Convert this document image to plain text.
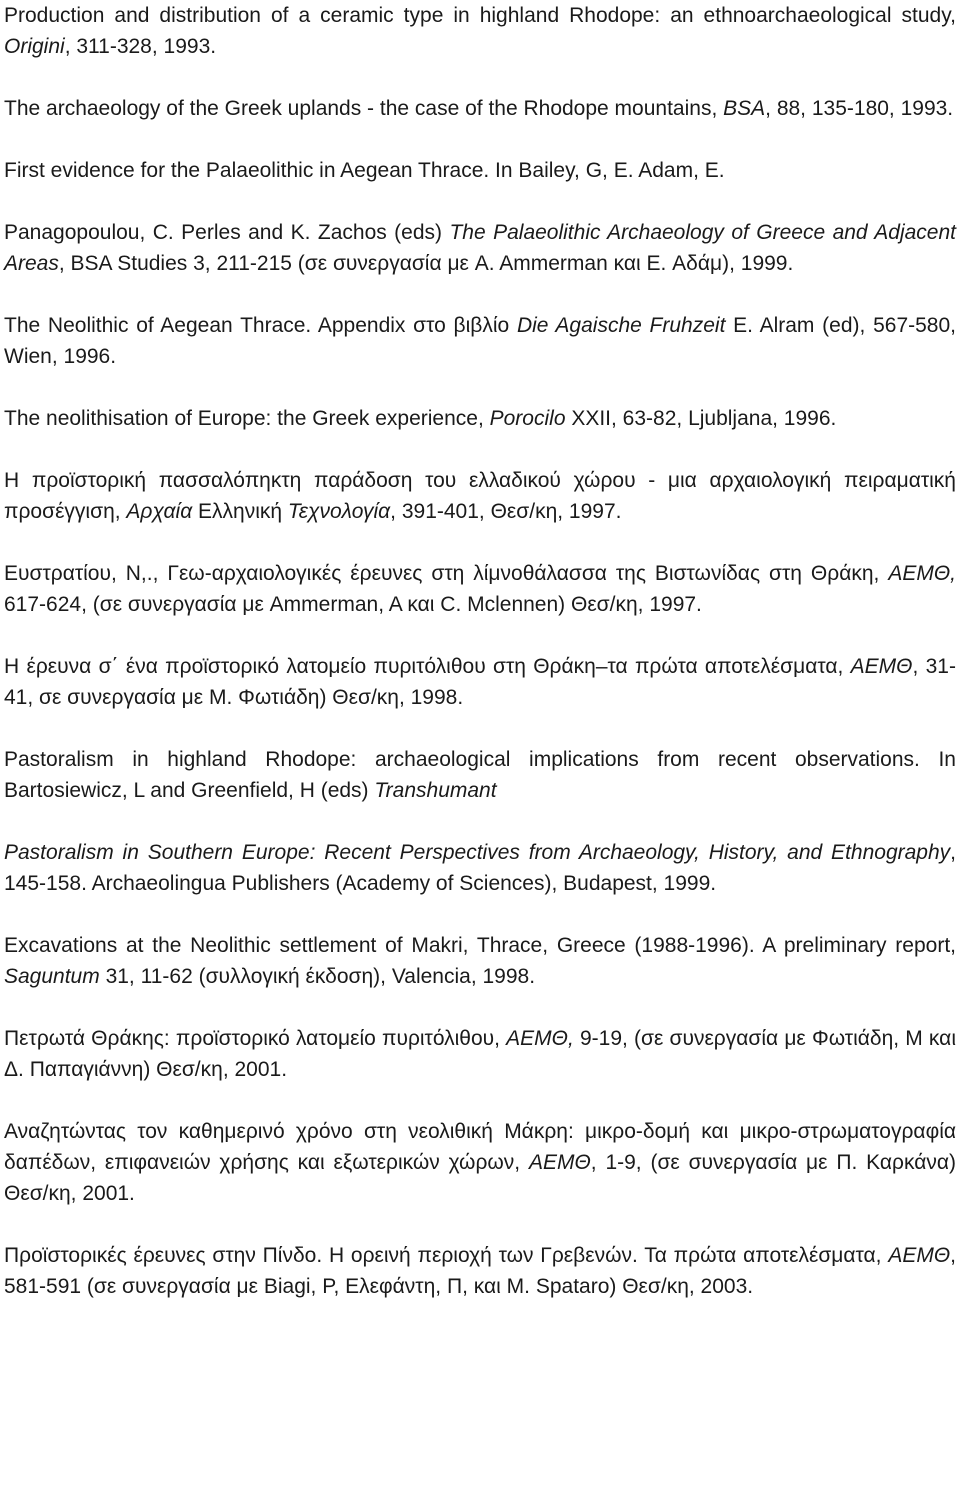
Production and distribution of a ceramic type in highland Rhodope: an ethnoarchaeological study, Origini, 311-328, 1993.

The archaeology of the Greek uplands - the case of the Rhodope mountains, BSA, 88, 135-180, 1993.

First evidence for the Palaeolithic in Aegean Thrace. In Bailey, G, E. Adam, E.

Panagopoulou, C. Perles and K. Zachos (eds) The Palaeolithic Archaeology of Greece and Adjacent Areas, BSA Studies 3, 211-215 (σε συνεργασία με A. Ammerman και E. Αδάμ), 1999.

The Neolithic of Aegean Thrace. Appendix στο βιβλίο Die Agaische Fruhzeit E. Alram (ed), 567-580, Wien, 1996.

The neolithisation of Europe: the Greek experience, Porocilo XXII, 63-82, Ljubljana, 1996.

Η προϊστορική πασσαλόπηκτη παράδοση του ελλαδικού χώρου - μια αρχαιολογική πειραματική προσέγγιση, Αρχαία Ελληνική Τεχνολογία, 391-401, Θεσ/κη, 1997.

Ευστρατίου, Ν,., Γεω-αρχαιολογικές έρευνες στη λίμνοθάλασσα της Βιστωνίδας στη Θράκη, ΑΕΜΘ, 617-624, (σε συνεργασία με Ammerman, A και C. Mclennen) Θεσ/κη, 1997.

Η έρευνα σ΄ ένα προϊστορικό λατομείο πυριτόλιθου στη Θράκη–τα πρώτα αποτελέσματα, ΑΕΜΘ, 31-41, σε συνεργασία με Μ. Φωτιάδη) Θεσ/κη, 1998.

Pastoralism in highland Rhodope: archaeological implications from recent observations. In Bartosiewicz, L and Greenfield, H (eds) Transhumant

Pastoralism in Southern Europe: Recent Perspectives from Archaeology, History, and Ethnography, 145-158. Archaeolingua Publishers (Academy of Sciences), Budapest, 1999.

Excavations at the Neolithic settlement of Makri, Thrace, Greece (1988-1996). A preliminary report, Saguntum 31, 11-62 (συλλογική έκδοση), Valencia, 1998.

Πετρωτά Θράκης: προϊστορικό λατομείο πυριτόλιθου, ΑΕΜΘ, 9-19, (σε συνεργασία με Φωτιάδη, Μ και Δ. Παπαγιάννη) Θεσ/κη, 2001.

Αναζητώντας τον καθημερινό χρόνο στη νεολιθική Μάκρη: μικρο-δομή και μικρο-στρωματογραφία δαπέδων, επιφανειών χρήσης και εξωτερικών χώρων, ΑΕΜΘ, 1-9, (σε συνεργασία με Π. Καρκάνα) Θεσ/κη, 2001.

Προϊστορικές έρευνες στην Πίνδο. Η ορεινή περιοχή των Γρεβενών. Τα πρώτα αποτελέσματα, ΑΕΜΘ, 581-591 (σε συνεργασία με Biagi, P, Ελεφάντη, Π, και Μ. Spataro) Θεσ/κη, 2003.
